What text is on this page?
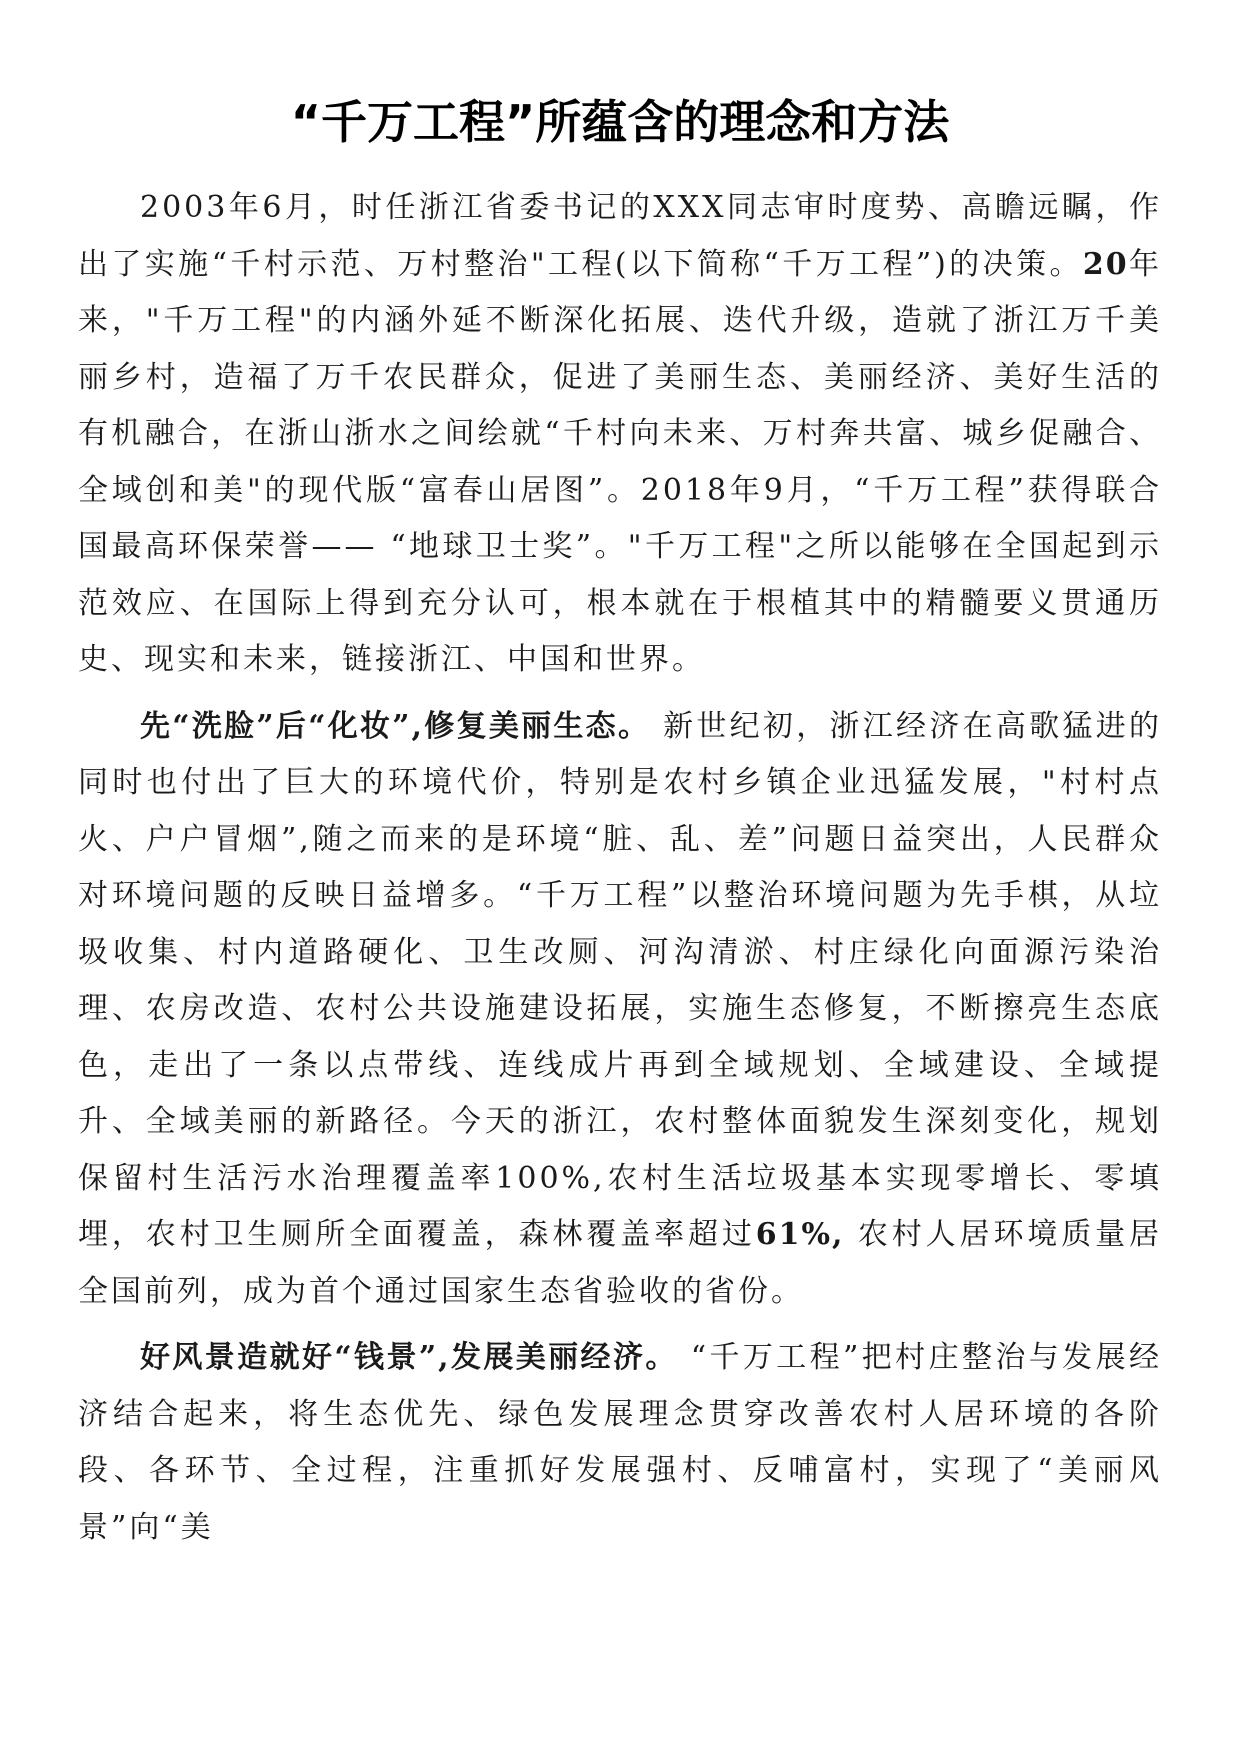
“千万工程”所蕴含的理念和方法

2003年6月，时任浙江省委书记的XXX同志审时度势、高瞻远瞩，作出了实施“千村示范、万村整治"工程(以下简称“千万工程”)的决策。20年来，"千万工程"的内涵外延不断深化拓展、迭代升级，造就了浙江万千美丽乡村，造福了万千农民群众，促进了美丽生态、美丽经济、美好生活的有机融合，在浙山浙水之间绘就“千村向未来、万村奔共富、城乡促融合、全域创和美"的现代版“富春山居图”。2018年9月，“千万工程”获得联合国最高环保荣誉—— “地球卫士奖”。"千万工程"之所以能够在全国起到示范效应、在国际上得到充分认可，根本就在于根植其中的精髓要义贯通历史、现实和未来，链接浙江、中国和世界。

先“洗脸”后“化妆”,修复美丽生态。 新世纪初，浙江经济在高歌猛进的同时也付出了巨大的环境代价，特别是农村乡镇企业迅猛发展，"村村点火、户户冒烟”,随之而来的是环境“脏、乱、差”问题日益突出，人民群众对环境问题的反映日益增多。“千万工程”以整治环境问题为先手棋，从垃圾收集、村内道路硬化、卫生改厕、河沟清淤、村庄绿化向面源污染治理、农房改造、农村公共设施建设拓展，实施生态修复，不断擦亮生态底色，走出了一条以点带线、连线成片再到全域规划、全域建设、全域提升、全域美丽的新路径。今天的浙江，农村整体面貌发生深刻变化，规划保留村生活污水治理覆盖率100%,农村生活垃圾基本实现零增长、零填埋，农村卫生厕所全面覆盖，森林覆盖率超过61%, 农村人居环境质量居全国前列，成为首个通过国家生态省验收的省份。

好风景造就好“钱景”,发展美丽经济。 “千万工程”把村庄整治与发展经济结合起来，将生态优先、绿色发展理念贯穿改善农村人居环境的各阶段、各环节、全过程，注重抓好发展强村、反哺富村，实现了“美丽风景”向“美
